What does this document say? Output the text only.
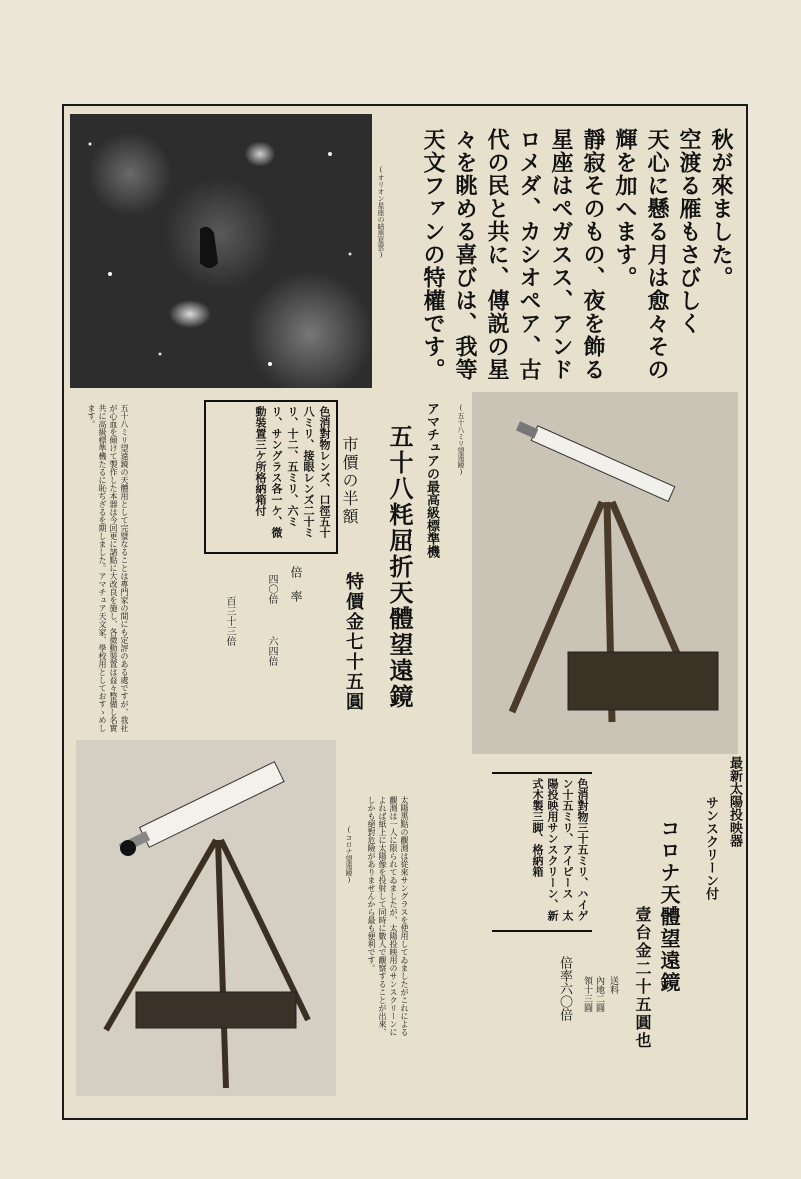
(オリオン星座の暗黒星雲)	秋が來ました。
空渡る雁もさびしく
天心に懸る月は愈々その
輝を加へます。
靜寂そのもの、夜を飾る
星座はペガスス、アンド
ロメダ、カシオペア、古
代の民と共に、傳説の星
々を眺める喜びは、我等
天文ファンの特權です。
(五十八ミリ望遠鏡)
アマチュアの最高級標準機
五十八粍屈折天體望遠鏡
特價金七十五圓
市價の半額
色消對物レンズ、口徑五十八ミリ、接眼レンズ二十ミリ、十二、五ミリ、六ミリ、サングラス各一ケ、微動裝置三ケ所格納箱付
倍　率
四〇倍
六四倍
百三十三倍
五十八ミリ望遠鏡の天體用として完璧なることは專門家の間にも定評のある處ですが、我社が心血を傾けて製作した本器は今回更に諸點に大改良を施し、各微動裝置は益々整備し名實共に高級標準機たるに恥ぢざるを期しました。アマチュア天文家、學校用としておすゝめします。
(コロナ望遠鏡)
最新太陽投映器
サンスクリーン付
コロナ天體望遠鏡
壹台金二十五圓也
送料
內地二圓
領十三圓
倍率六〇倍
色消對物三十五ミリ、ハイゲン十五ミリ、アイピース　太陽投映用サンスクリーン、新式木製三脚、格納箱
太陽黑點の觀測は從來サングラスを使用してゐましたがこれによる觀測は一人に限られてゐましたが、太陽投映用のサンスクリーンによれば紙上に太陽像を投射して同時に數人で觀察することが出來、しかも絕對危險がありませんから最も便利です。
